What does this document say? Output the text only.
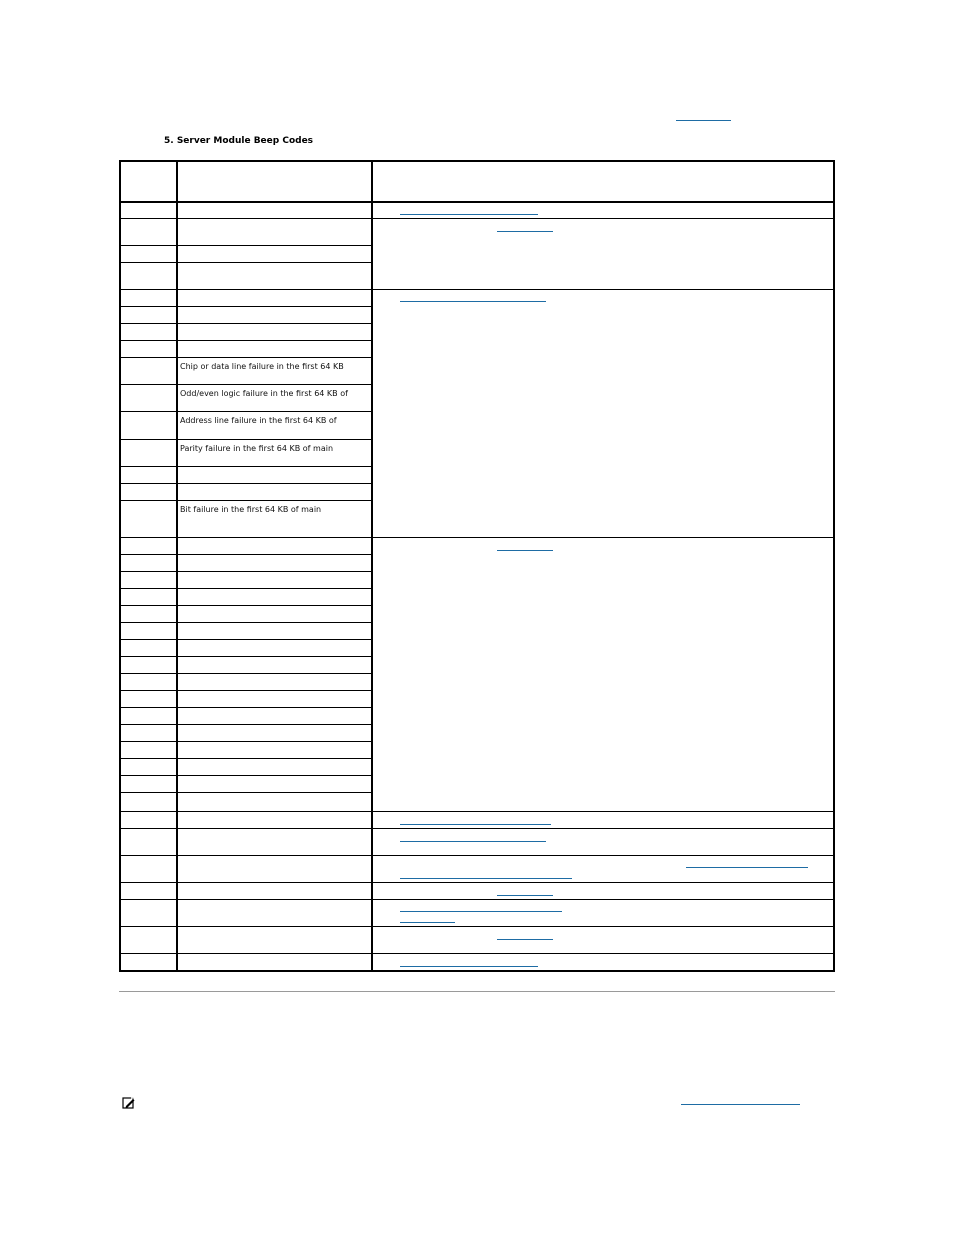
5. Server Module Beep Codes
Chip or data line failure in the first 64 KB
Odd/even logic failure in the first 64 KB of
Address line failure in the first 64 KB of
Parity failure in the first 64 KB of main
Bit failure in the first 64 KB of main
